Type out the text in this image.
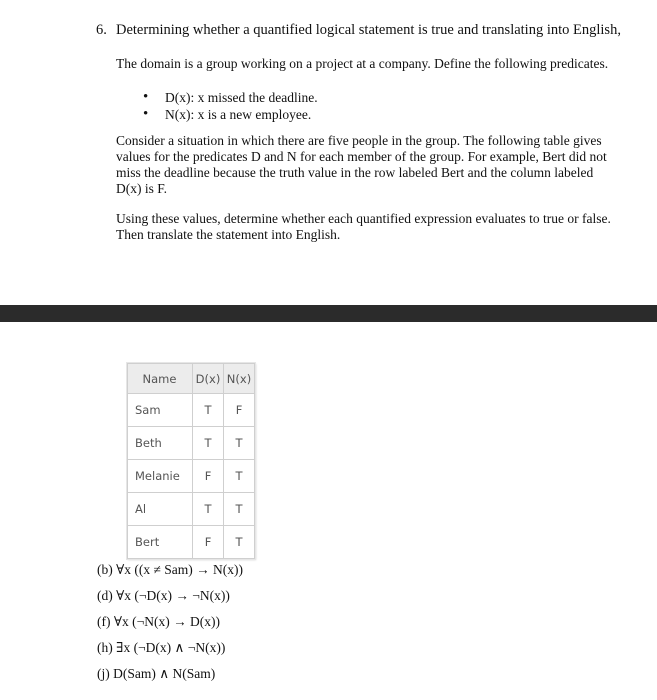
6. Determining whether a quantified logical statement is true and translating into English,

The domain is a group working on a project at a company. Define the following predicates.

• D(x): x missed the deadline.
• N(x): x is a new employee.

Consider a situation in which there are five people in the group. The following table gives values for the predicates D and N for each member of the group. For example, Bert did not miss the deadline because the truth value in the row labeled Bert and the column labeled D(x) is F.

Using these values, determine whether each quantified expression evaluates to true or false. Then translate the statement into English.

Name	D(x)	N(x)
Sam	T	F
Beth	T	T
Melanie	F	T
Al	T	T
Bert	F	T
(b) ∀x ((x ≠ Sam) → N(x))
(d) ∀x (¬D(x) → ¬N(x))
(f) ∀x (¬N(x) → D(x))
(h) ∃x (¬D(x) ∧ ¬N(x))
(j) D(Sam) ∧ N(Sam)
